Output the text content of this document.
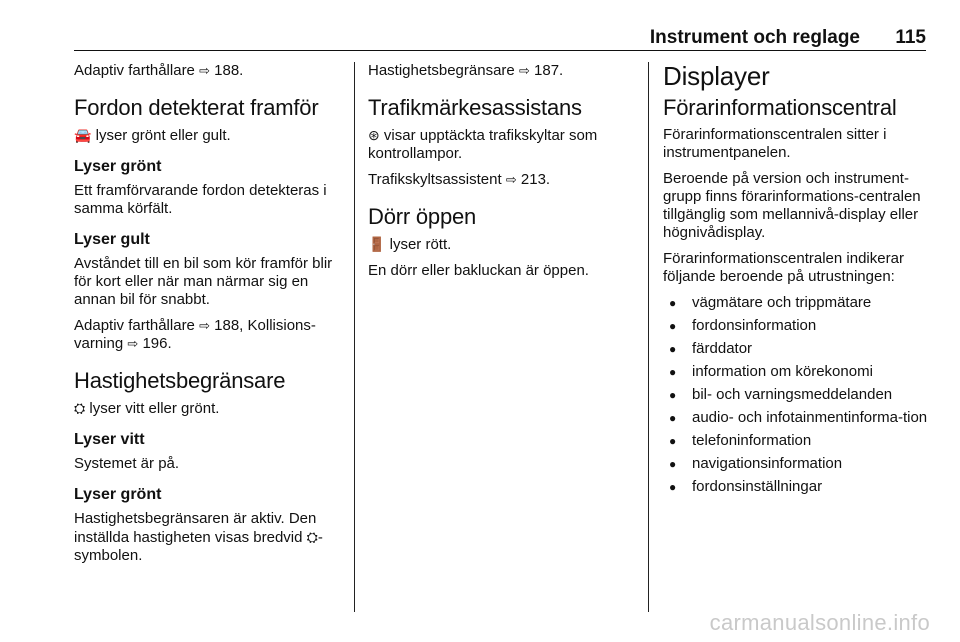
Instrument och reglage 115

Adaptiv farthållare ⇨ 188.

Fordon detekterat framför

🚘 lyser grönt eller gult.

Lyser grönt

Ett framförvarande fordon detekteras i samma körfält.

Lyser gult

Avståndet till en bil som kör framför blir för kort eller när man närmar sig en annan bil för snabbt.

Adaptiv farthållare ⇨ 188, Kollisions-varning ⇨ 196.

Hastighetsbegränsare

⛭ lyser vitt eller grönt.

Lyser vitt

Systemet är på.

Lyser grönt

Hastighetsbegränsaren är aktiv. Den inställda hastigheten visas bredvid ⛭-symbolen.

Hastighetsbegränsare ⇨ 187.

Trafikmärkesassistans

⊛ visar upptäckta trafikskyltar som kontrollampor.

Trafikskyltsassistent ⇨ 213.

Dörr öppen

🚪 lyser rött.

En dörr eller bakluckan är öppen.

Displayer
Förarinformationscentral

Förarinformationscentralen sitter i instrumentpanelen.

Beroende på version och instrument-grupp finns förarinformations-centralen tillgänglig som mellannivå-display eller högnivådisplay.

Förarinformationscentralen indikerar följande beroende på utrustningen:

● vägmätare och trippmätare
● fordonsinformation
● färddator
● information om körekonomi
● bil- och varningsmeddelanden
● audio- och infotainmentinforma-tion
● telefoninformation
● navigationsinformation
● fordonsinställningar
carmanualsonline.info
